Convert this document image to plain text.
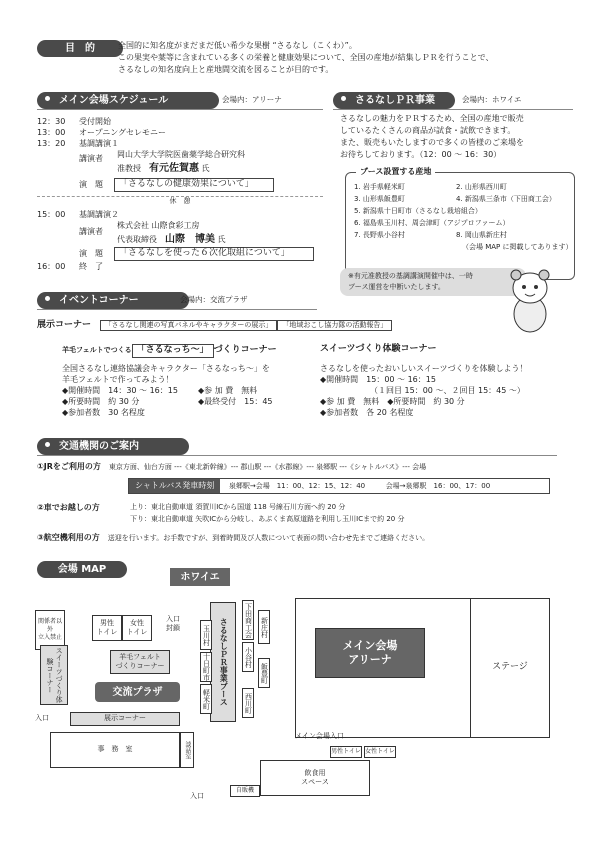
目　的	全国的に知名度がまだまだ低い希少な果樹 “さるなし（こくわ）”。
この果実や葉等に含まれている多くの栄養と健康効果について、全国の産地が結集しＰＲを行うことで、
さるなしの知名度向上と産地間交流を図ることが目的です。
メイン会場スケジュール	会場内：アリーナ
12：30 受付開始
13：00 オープニングセレモニー
13：20 基調講演１
講演者 岡山大学大学院医歯薬学総合研究科
准教授　 有元佐賀惠 氏
演　題	「さるなしの健康効果について」
休　憩
15：00 基調講演２
講演者
株式会社 山際食彩工房
代表取締役　 山際　博美 氏
演　題	「さるなしを使った６次化取組について」
16：00 終　了
さるなしＰＲ事業	会場内：ホワイエ
さるなしの魅力をＰＲするため、全国の産地で販売
しているたくさんの商品が試食・試飲できます。
また、販売もいたしますので多くの皆様のご来場を
お待ちしております。（12：00 ～ 16：30）
ブース設置する産地
1. 岩手県軽米町	2. 山形県西川町
3. 山形県飯豊町	4. 新潟県三条市（下田商工会）
5. 新潟県十日町市（さるなし栽培組合）
6. 福島県玉川村、周会津町（アジプロファーム）
7. 長野県小谷村	8. 岡山県新庄村
（会場 MAP に掲載してあります）
※有元准教授の基調講演開催中は、一時
ブース運営を中断いたします。
イベントコーナー	会場内：交流プラザ
展示コーナー 「さるなし関連の写真パネルやキャラクターの展示」 「地域おこし協力隊の活動報告」
羊毛フェルトでつくる 「さるなっち～」 づくりコーナー
全国さるなし連絡協議会キャラクター「さるなっち～」を
羊毛フェルトで作ってみよう！
◆開催時間　14：30 ～ 16：15
◆所要時間　約 30 分
◆参加者数　30 名程度
◆参 加 費　無料
◆最終受付　15：45
スイーツづくり体験コーナー
さるなしを使ったおいしいスイーツづくりを体験しよう！
◆開催時間　15：00 ～ 16：15
（１回目 15：00 ～、２回目 15：45 ～）
◆参 加 費　無料　 ◆所要時間　約 30 分
◆参加者数　各 20 名程度
交通機関のご案内
①JRをご利用の方　 東京方面、仙台方面 ---《東北新幹線》--- 郡山駅 ---《水郡線》--- 泉郷駅 ---《シャトルバス》--- 会場
シャトルバス発車時刻 泉郷駅→会場　11：00、12：15、12：40	会場→泉郷駅　16：00、17：00
②車でお越しの方	上り：東北自動車道 須賀川ICから国道 118 号線石川方面へ約 20 分
下り：東北自動車道 矢吹ICから分岐し、あぶくま高原道路を利用し玉川ICまで約 20 分
③航空機利用の方　 送迎を行います。お手数ですが、到着時間及び人数について表面の問い合わせ先までご連絡ください。
会場 MAP
ホワイエ
メイン会場
アリーナ
ステージ
関係者以外
立入禁止
男性
トイレ
女性
トイレ
入口
封鎖
スイーツづくり体験コーナー
羊毛フェルト
づくりコーナー
交流プラザ
入口	展示コーナー
事　務　室	談話室
さるなしＰＲ事業ブース
玉川村
十日町市
軽米町
下田商工会
小谷村
西川町
新庄村
飯豊町
メイン会場入口
男性トイレ 女性トイレ
飲食用
スペース
自販機
入口
